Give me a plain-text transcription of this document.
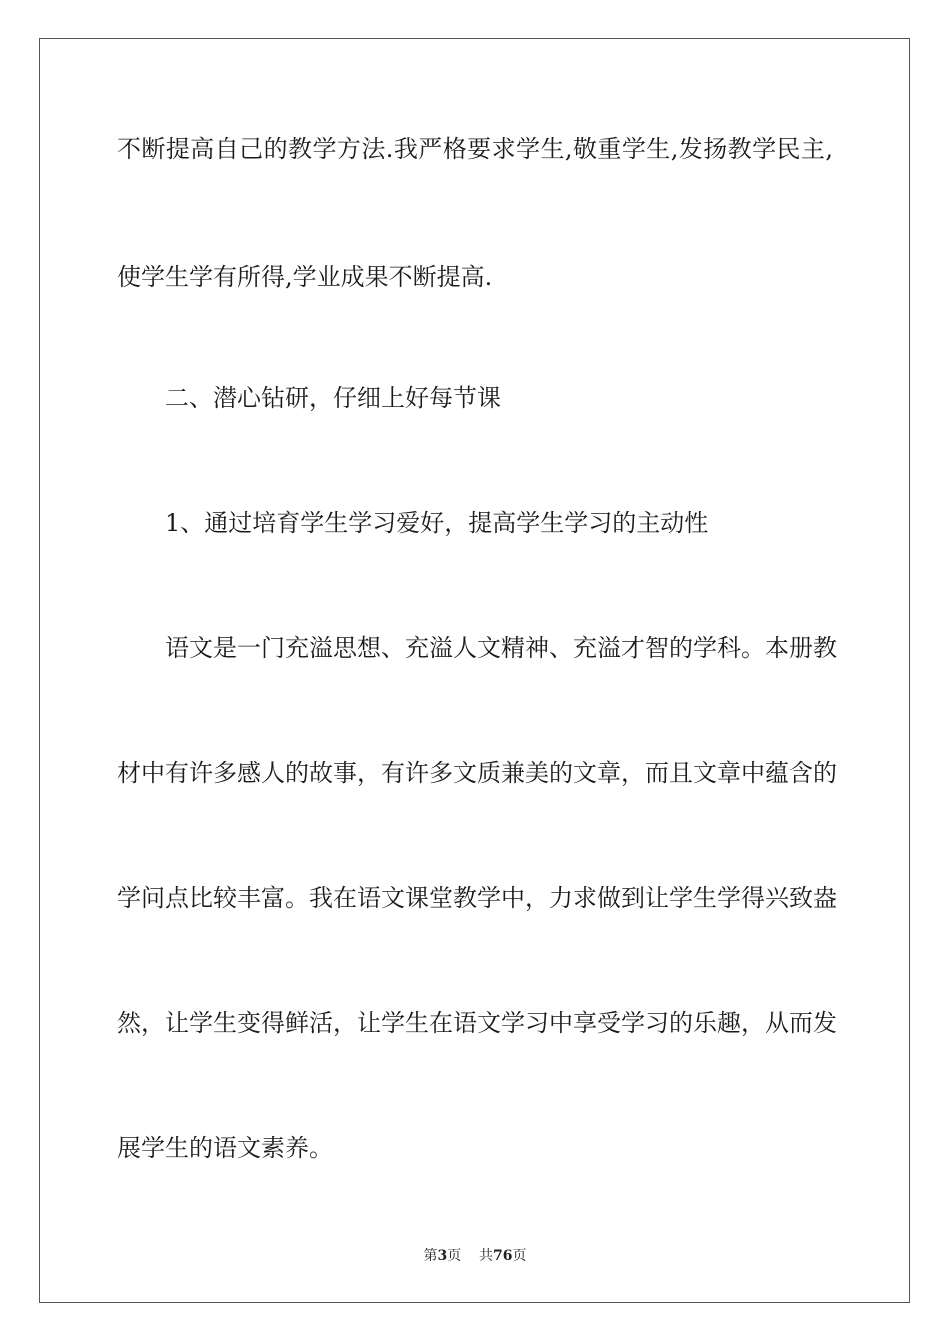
不断提高自己的教学方法.我严格要求学生,敬重学生,发扬教学民主,
使学生学有所得,学业成果不断提高.
二、潜心钻研，仔细上好每节课
1、通过培育学生学习爱好，提高学生学习的主动性
语文是一门充溢思想、充溢人文精神、充溢才智的学科。本册教
材中有许多感人的故事，有许多文质兼美的文章，而且文章中蕴含的
学问点比较丰富。我在语文课堂教学中，力求做到让学生学得兴致盎
然，让学生变得鲜活，让学生在语文学习中享受学习的乐趣，从而发
展学生的语文素养。
第3页 共76页
